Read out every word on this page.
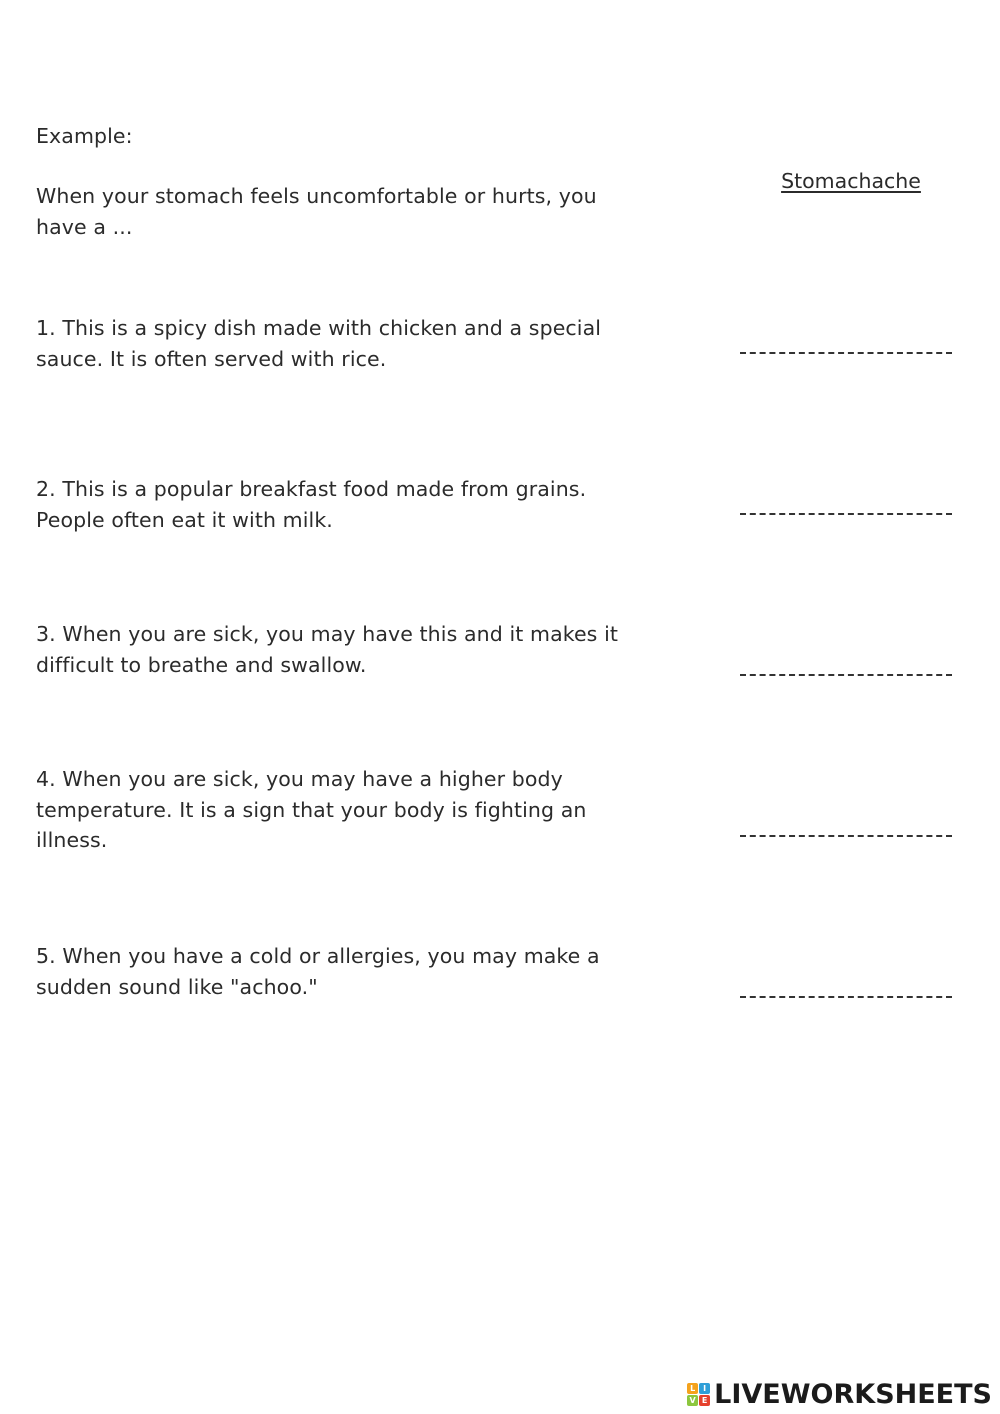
Example:
When your stomach feels uncomfortable or hurts, you have a ...
Stomachache
1. This is a spicy dish made with chicken and a special sauce. It is often served with rice.
2. This is a popular breakfast food made from grains. People often eat it with milk.
3. When you are sick, you may have this and it makes it difficult to breathe and swallow.
4. When you are sick, you may have a higher body temperature. It is a sign that your body is fighting an illness.
5. When you have a cold or allergies, you may make a sudden sound like "achoo."
L I
V E LIVEWORKSHEETS
